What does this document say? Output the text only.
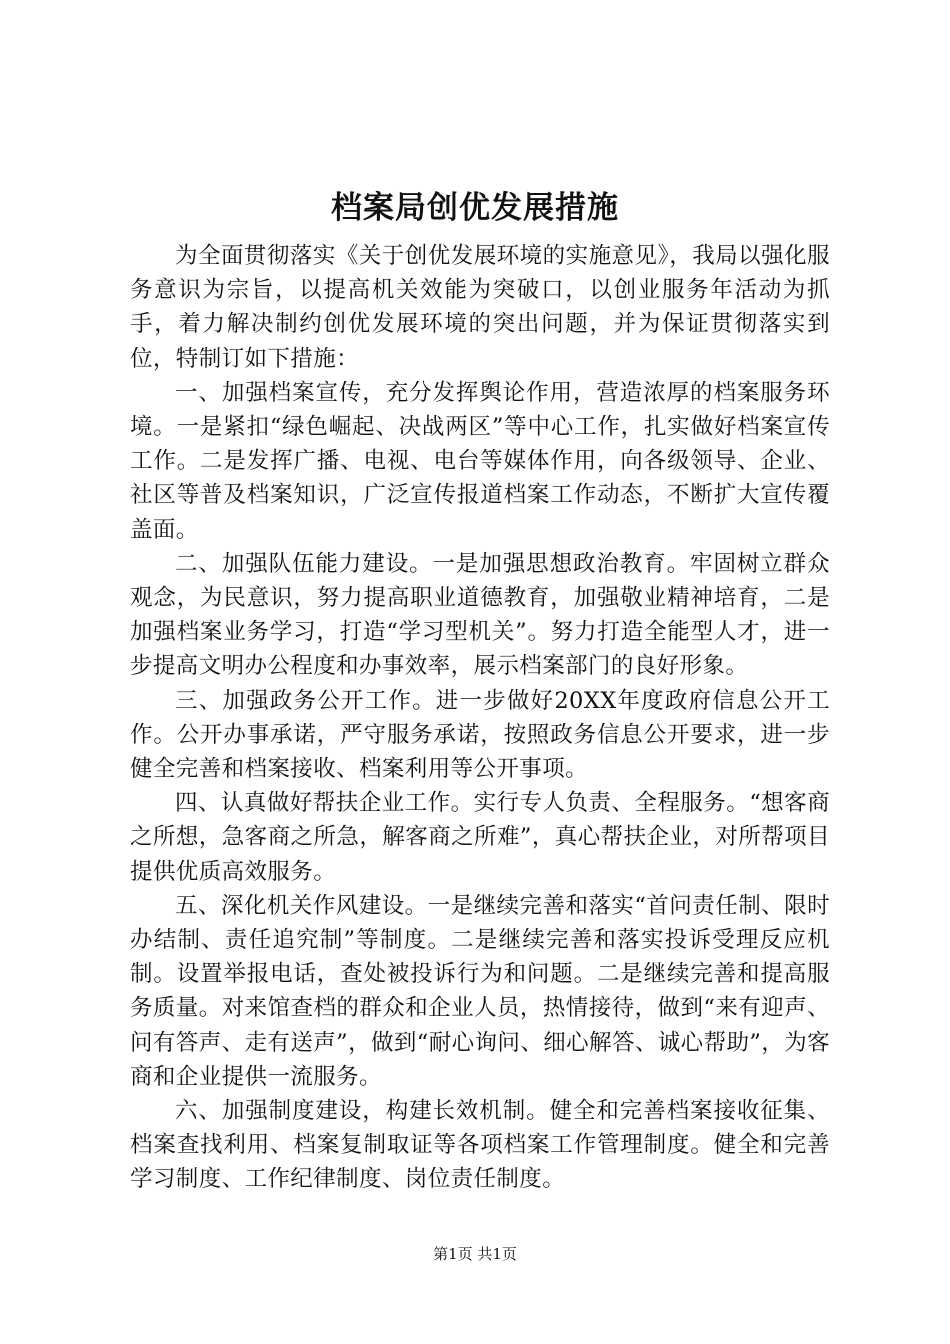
档案局创优发展措施

为全面贯彻落实《关于创优发展环境的实施意见》，我局以强化服务意识为宗旨，以提高机关效能为突破口，以创业服务年活动为抓手，着力解决制约创优发展环境的突出问题，并为保证贯彻落实到位，特制订如下措施：

一、加强档案宣传，充分发挥舆论作用，营造浓厚的档案服务环境。一是紧扣“绿色崛起、决战两区”等中心工作，扎实做好档案宣传工作。二是发挥广播、电视、电台等媒体作用，向各级领导、企业、社区等普及档案知识，广泛宣传报道档案工作动态，不断扩大宣传覆盖面。

二、加强队伍能力建设。一是加强思想政治教育。牢固树立群众观念，为民意识，努力提高职业道德教育，加强敬业精神培育，二是加强档案业务学习，打造“学习型机关”。努力打造全能型人才，进一步提高文明办公程度和办事效率，展示档案部门的良好形象。

三、加强政务公开工作。进一步做好20XX年度政府信息公开工作。公开办事承诺，严守服务承诺，按照政务信息公开要求，进一步健全完善和档案接收、档案利用等公开事项。

四、认真做好帮扶企业工作。实行专人负责、全程服务。“想客商之所想，急客商之所急，解客商之所难”，真心帮扶企业，对所帮项目提供优质高效服务。

五、深化机关作风建设。一是继续完善和落实“首问责任制、限时办结制、责任追究制”等制度。二是继续完善和落实投诉受理反应机制。设置举报电话，查处被投诉行为和问题。二是继续完善和提高服务质量。对来馆查档的群众和企业人员，热情接待，做到“来有迎声、问有答声、走有送声”，做到“耐心询问、细心解答、诚心帮助”，为客商和企业提供一流服务。

六、加强制度建设，构建长效机制。健全和完善档案接收征集、档案查找利用、档案复制取证等各项档案工作管理制度。健全和完善学习制度、工作纪律制度、岗位责任制度。

第1页 共1页
